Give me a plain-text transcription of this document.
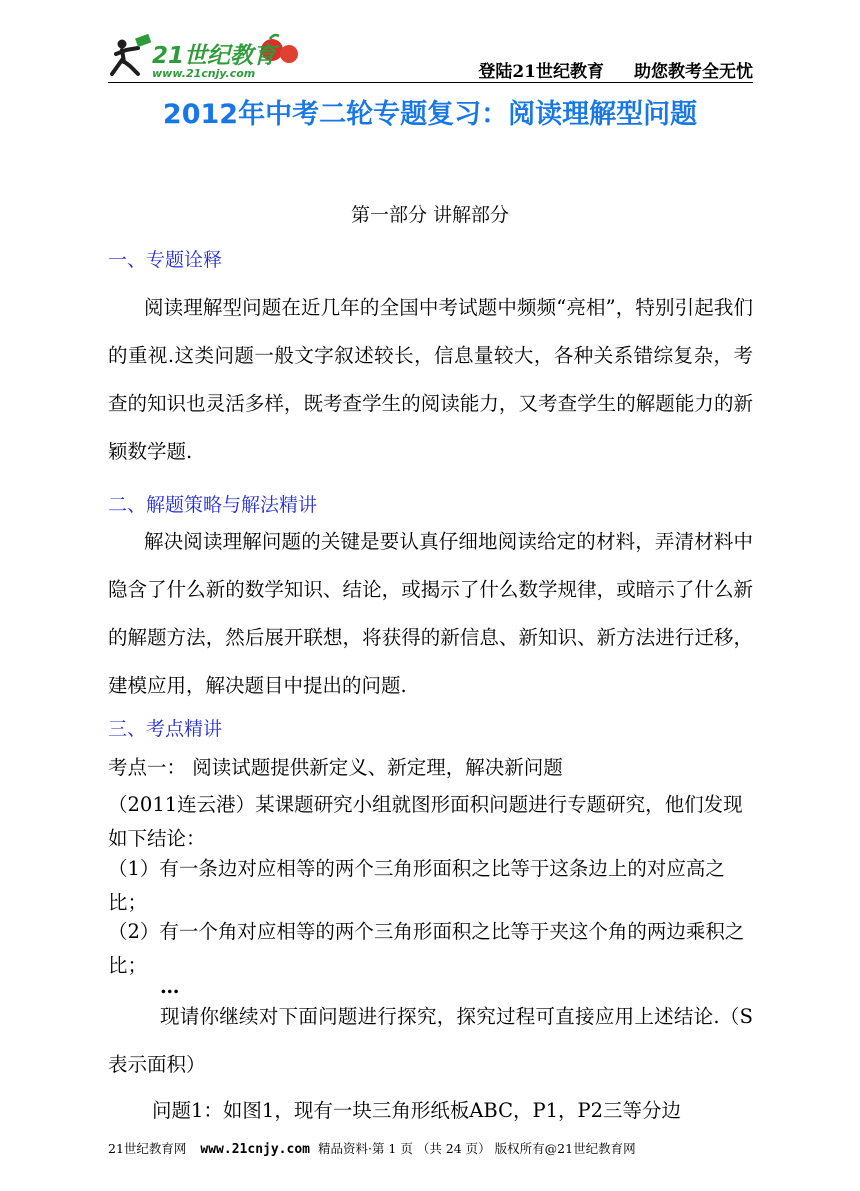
21世纪教育
www.21cnjy.com	登陆21世纪教育 助您教考全无忧
2012年中考二轮专题复习：阅读理解型问题
第一部分 讲解部分
一、专题诠释

阅读理解型问题在近几年的全国中考试题中频频“亮相”，特别引起我们的重视.这类问题一般文字叙述较长，信息量较大，各种关系错综复杂，考查的知识也灵活多样，既考查学生的阅读能力，又考查学生的解题能力的新颖数学题.

二、解题策略与解法精讲

解决阅读理解问题的关键是要认真仔细地阅读给定的材料，弄清材料中隐含了什么新的数学知识、结论，或揭示了什么数学规律，或暗示了什么新的解题方法，然后展开联想，将获得的新信息、新知识、新方法进行迁移，建模应用，解决题目中提出的问题.

三、考点精讲

考点一： 阅读试题提供新定义、新定理，解决新问题

（2011连云港）某课题研究小组就图形面积问题进行专题研究，他们发现如下结论：

（1）有一条边对应相等的两个三角形面积之比等于这条边上的对应高之比；

（2）有一个角对应相等的两个三角形面积之比等于夹这个角的两边乘积之比；

…

现请你继续对下面问题进行探究，探究过程可直接应用上述结论.（S表示面积）

问题1：如图1，现有一块三角形纸板ABC，P1，P2三等分边

21世纪教育网 www.21cnjy.com 精品资料·第 1 页 （共 24 页） 版权所有@21世纪教育网
